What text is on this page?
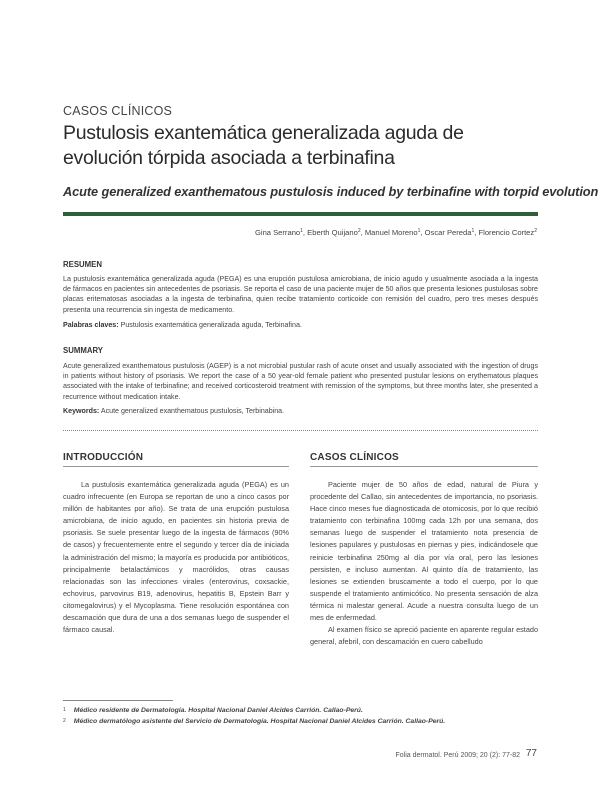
CASOS CLÍNICOS
Pustulosis exantemática generalizada aguda de evolución tórpida asociada a terbinafina
Acute generalized exanthematous pustulosis induced by terbinafine with torpid evolution
Gina Serrano$^1$, Eberth Quijano$^2$, Manuel Moreno$^1$, Oscar Pereda$^1$, Florencio Cortez$^2$
RESUMEN
La pustulosis exantemática generalizada aguda (PEGA) es una erupción pustulosa amicrobiana, de inicio agudo y usualmente asociada a la ingesta de fármacos en pacientes sin antecedentes de psoriasis. Se reporta el caso de una paciente mujer de 50 años que presenta lesiones pustulosas sobre placas eritematosas asociadas a la ingesta de terbinafina, quien recibe tratamiento corticoide con remisión del cuadro, pero tres meses después presenta una recurrencia sin ingesta de medicamento.
Palabras claves: Pustulosis exantemática generalizada aguda, Terbinafina.
SUMMARY
Acute generalized exanthematous pustulosis (AGEP) is a not microbial pustular rash of acute onset and usually associated with the ingestion of drugs in patients without history of psoriasis. We report the case of a 50 year-old female patient who presented pustular lesions on erythematous plaques associated with the intake of terbinafine; and received corticosteroid treatment with remission of the symptoms, but three months later, she presented a recurrence without medication intake.
Keywords: Acute generalized exanthematous pustulosis, Terbinabina.
INTRODUCCIÓN

La pustulosis exantemática generalizada aguda (PEGA) es un cuadro infrecuente (en Europa se reportan de uno a cinco casos por millón de habitantes por año). Se trata de una erupción pustulosa amicrobiana, de inicio agudo, en pacientes sin historia previa de psoriasis. Se suele presentar luego de la ingesta de fármacos (90% de casos) y frecuentemente entre el segundo y tercer día de iniciada la administración del mismo; la mayoría es producida por antibióticos, principalmente betalactámicos y macrólidos, otras causas relacionadas son las infecciones virales (enterovirus, coxsackie, echovirus, parvovirus B19, adenovirus, hepatitis B, Epstein Barr y citomegalovirus) y el Mycoplasma. Tiene resolución espontánea con descamación que dura de una a dos semanas luego de suspender el fármaco causal.

CASOS CLÍNICOS

Paciente mujer de 50 años de edad, natural de Piura y procedente del Callao, sin antecedentes de importancia, no psoriasis. Hace cinco meses fue diagnosticada de otomicosis, por lo que recibió tratamiento con terbinafina 100mg cada 12h por una semana, dos semanas luego de suspender el tratamiento nota presencia de lesiones papulares y pustulosas en piernas y pies, indicándosele que reinicie terbinafina 250mg al día por vía oral, pero las lesiones persisten, e incluso aumentan. Al quinto día de tratamiento, las lesiones se extienden bruscamente a todo el cuerpo, por lo que suspende el tratamiento antimicótico. No presenta sensación de alza térmica ni malestar general. Acude a nuestra consulta luego de un mes de enfermedad.

Al examen físico se apreció paciente en aparente regular estado general, afebril, con descamación en cuero cabelludo

$^1$ Médico residente de Dermatología. Hospital Nacional Daniel Alcides Carrión. Callao-Perú.
$^2$ Médico dermatólogo asistente del Servicio de Dermatología. Hospital Nacional Daniel Alcides Carrión. Callao-Perú.
Folia dermatol. Perú 2009; 20 (2): 77-82 77
